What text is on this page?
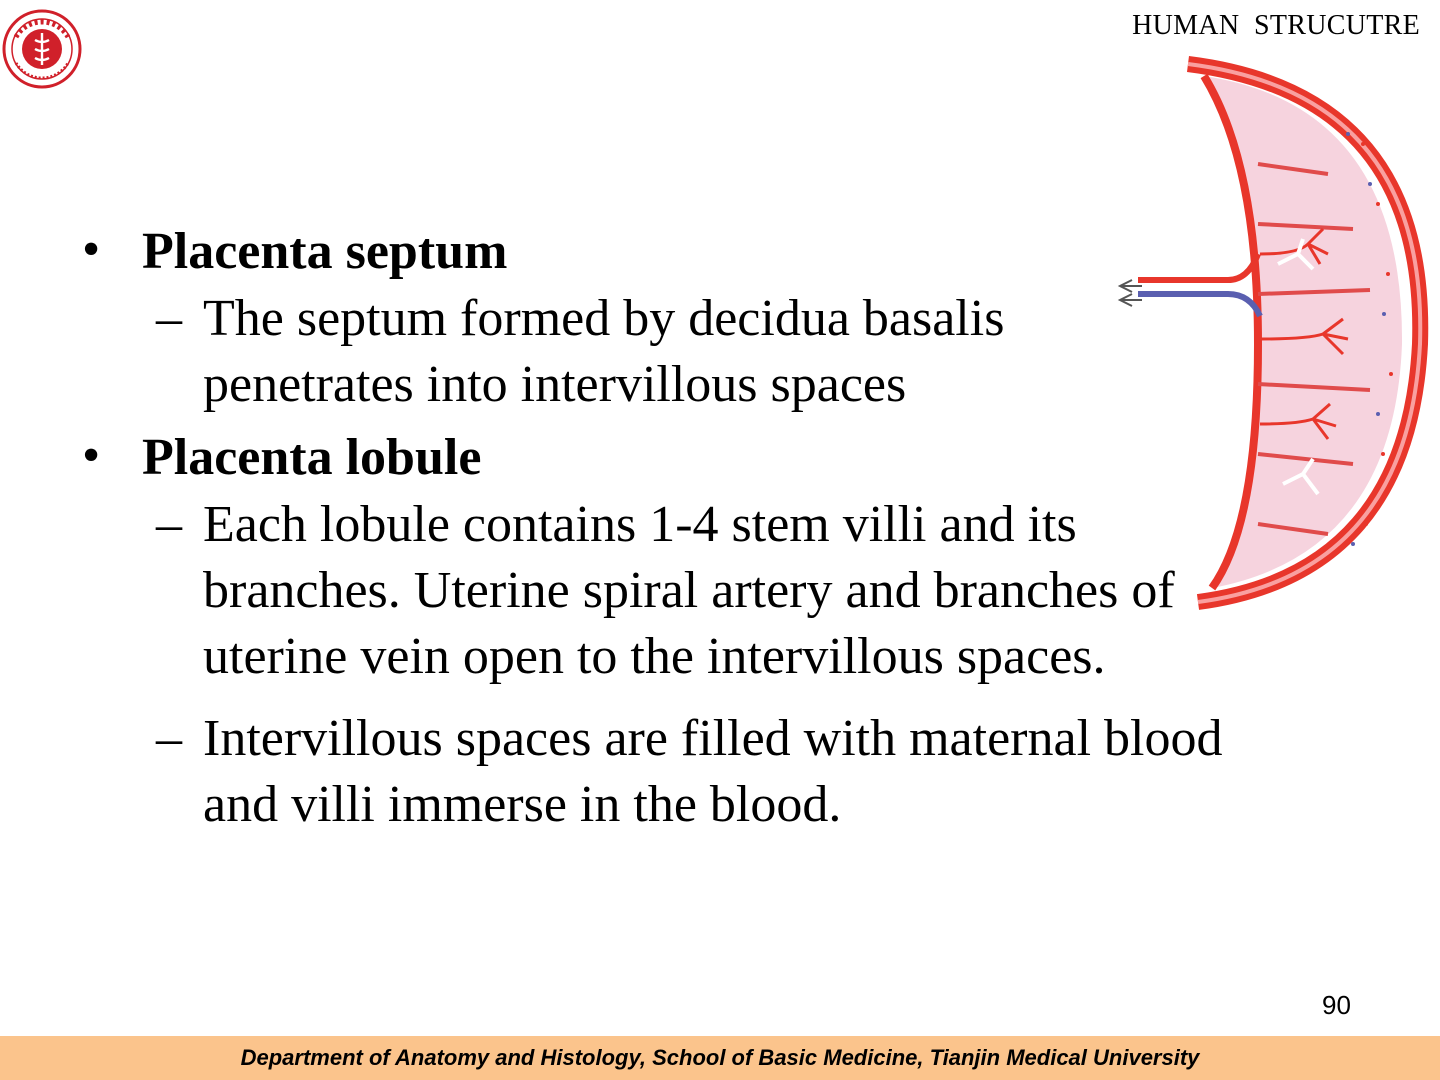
HUMAN  STRUCUTRE
• Placenta septum
– The septum formed by decidua basalis
penetrates into intervillous spaces
• Placenta lobule
– Each lobule contains 1-4 stem villi and its
branches. Uterine spiral artery and branches of
uterine vein open to the intervillous spaces.
– Intervillous spaces are filled with maternal blood
and villi immerse in the blood.
90
Department of Anatomy and Histology, School of Basic Medicine, Tianjin Medical University
